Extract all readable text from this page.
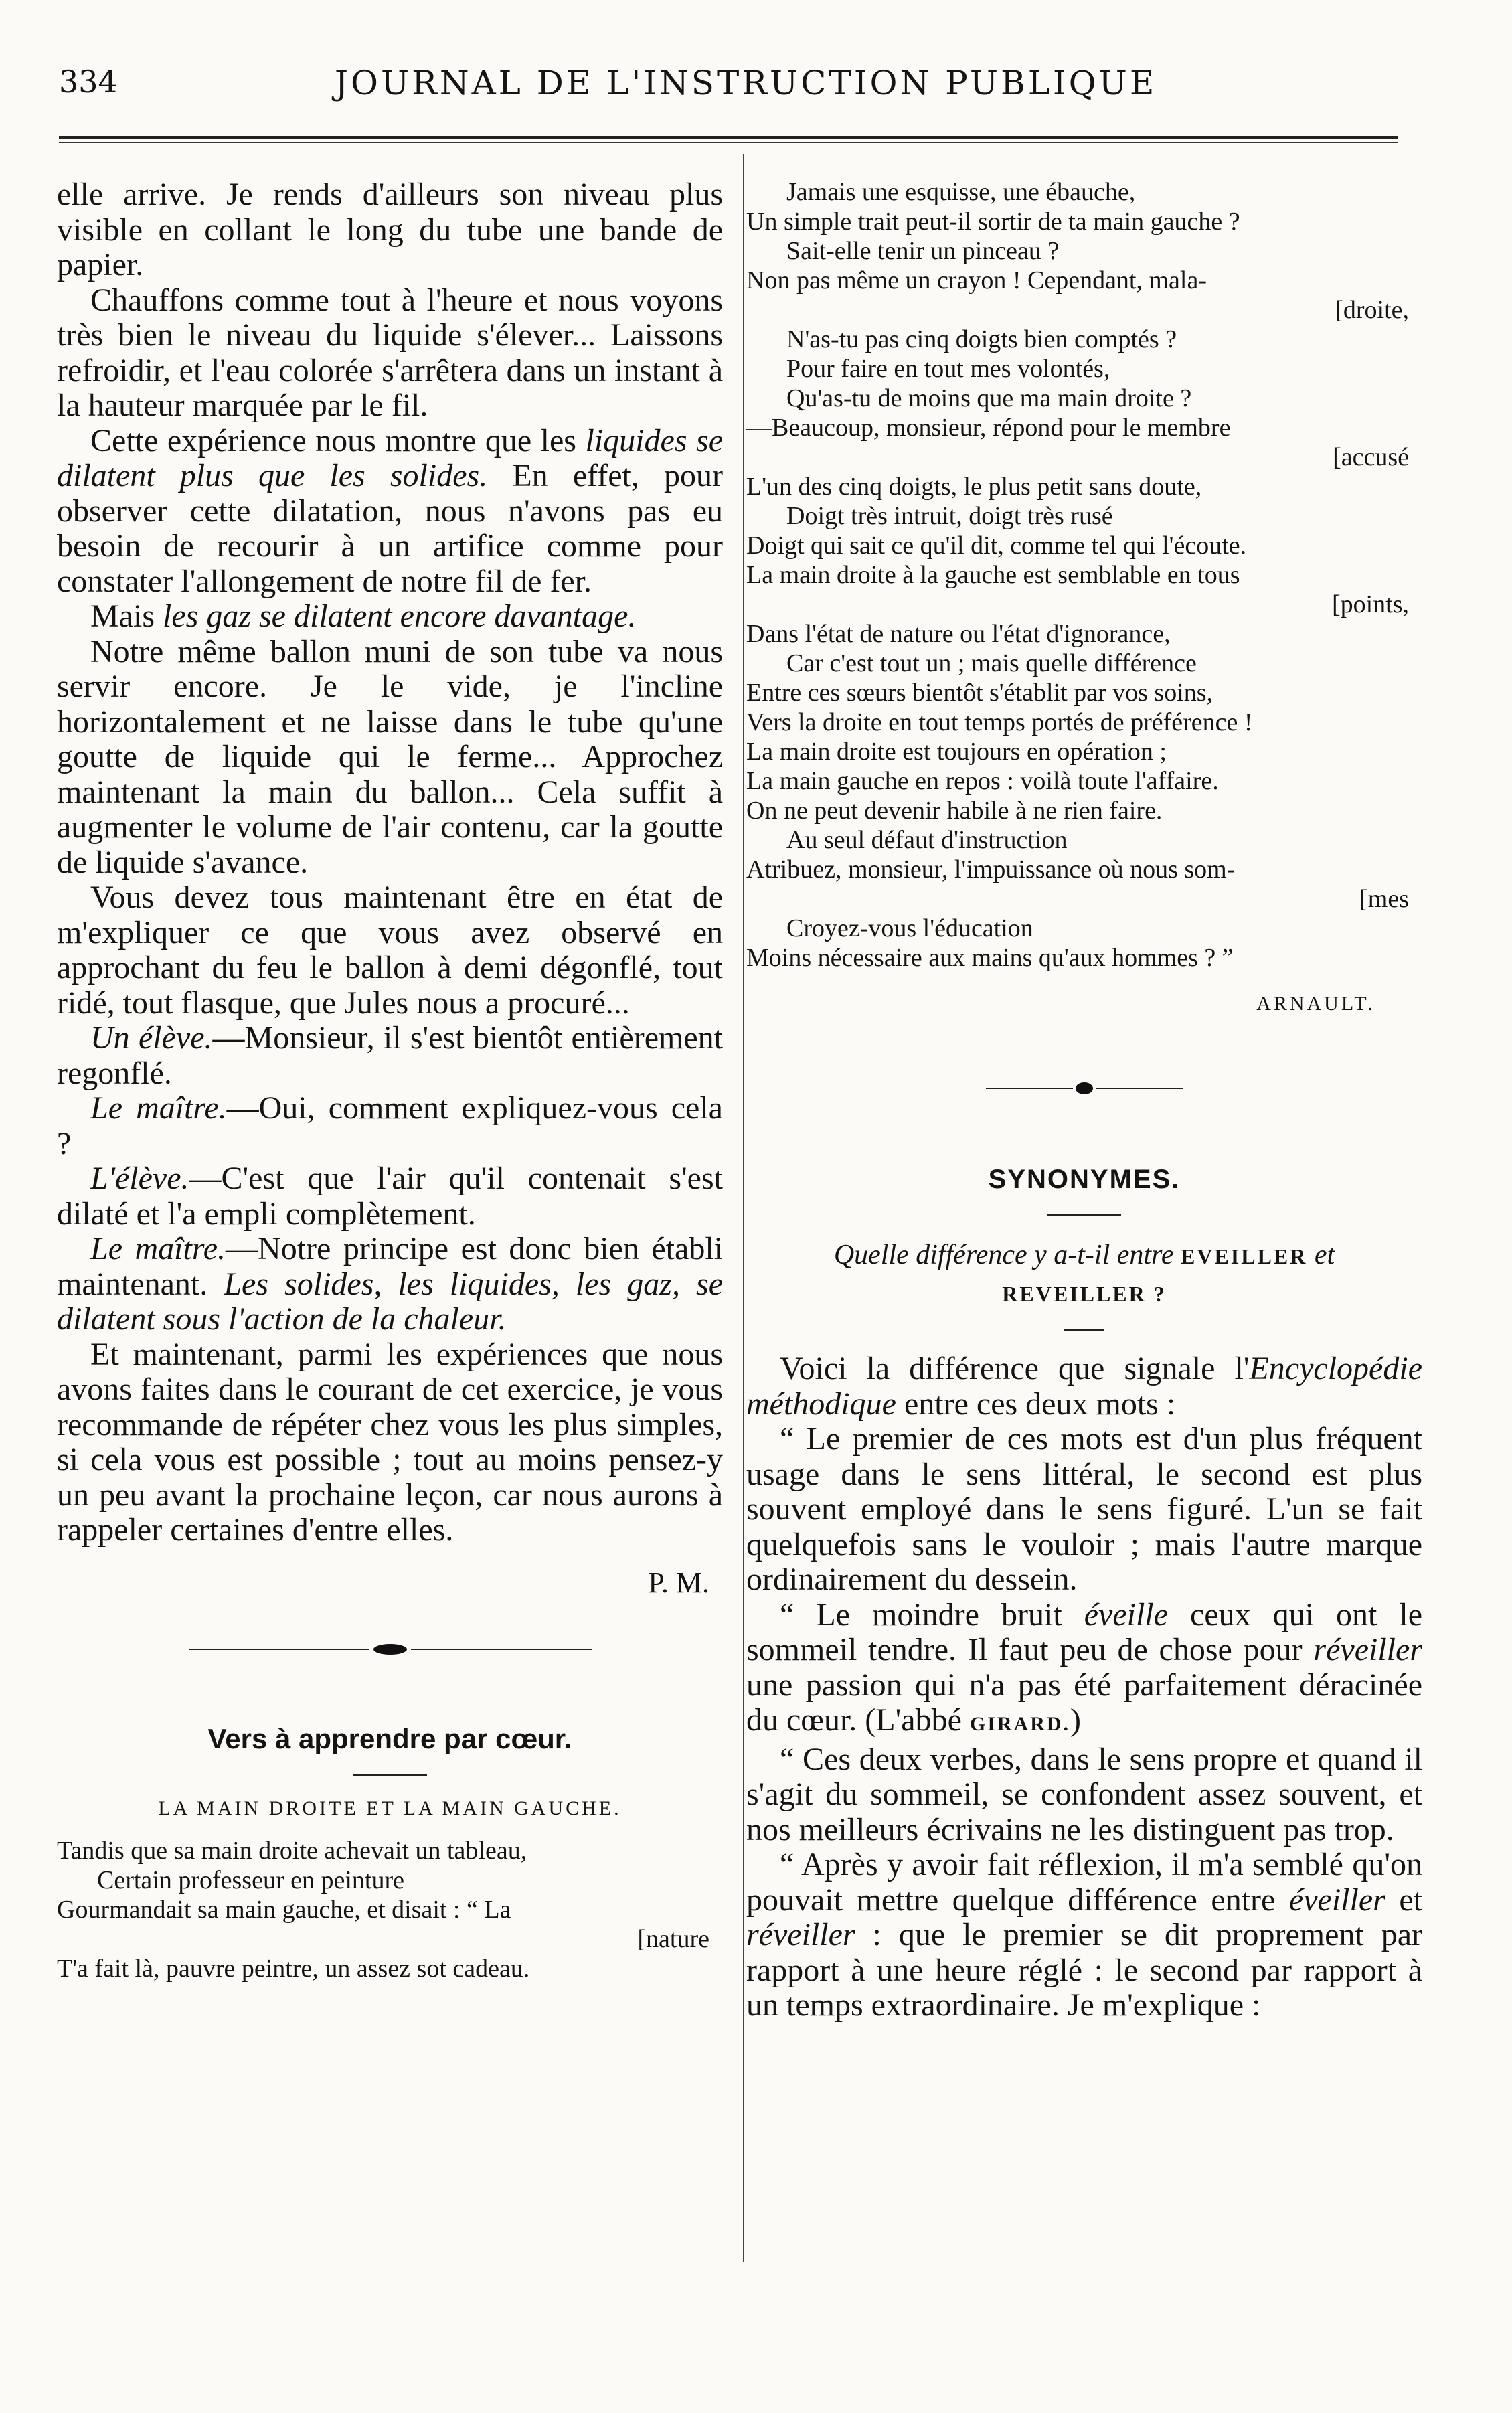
334	JOURNAL DE L'INSTRUCTION PUBLIQUE

elle arrive. Je rends d'ailleurs son niveau plus visible en collant le long du tube une bande de papier.

Chauffons comme tout à l'heure et nous voyons très bien le niveau du liquide s'élever... Laissons refroidir, et l'eau colorée s'arrêtera dans un instant à la hauteur marquée par le fil.

Cette expérience nous montre que les liquides se dilatent plus que les solides. En effet, pour observer cette dilatation, nous n'avons pas eu besoin de recourir à un artifice comme pour constater l'allongement de notre fil de fer.

Mais les gaz se dilatent encore davantage.

Notre même ballon muni de son tube va nous servir encore. Je le vide, je l'incline horizontalement et ne laisse dans le tube qu'une goutte de liquide qui le ferme... Approchez maintenant la main du ballon... Cela suffit à augmenter le volume de l'air contenu, car la goutte de liquide s'avance.

Vous devez tous maintenant être en état de m'expliquer ce que vous avez observé en approchant du feu le ballon à demi dégonflé, tout ridé, tout flasque, que Jules nous a procuré...

Un élève.—Monsieur, il s'est bientôt entièrement regonflé.

Le maître.—Oui, comment expliquez-vous cela ?

L'élève.—C'est que l'air qu'il contenait s'est dilaté et l'a empli complètement.

Le maître.—Notre principe est donc bien établi maintenant. Les solides, les liquides, les gaz, se dilatent sous l'action de la chaleur.

Et maintenant, parmi les expériences que nous avons faites dans le courant de cet exercice, je vous recommande de répéter chez vous les plus simples, si cela vous est possible ; tout au moins pensez-y un peu avant la prochaine leçon, car nous aurons à rappeler certaines d'entre elles.

P. M.

Vers à apprendre par cœur.

LA MAIN DROITE ET LA MAIN GAUCHE.

Tandis que sa main droite achevait un tableau,

Certain professeur en peinture

Gourmandait sa main gauche, et disait : “ La

[nature

T'a fait là, pauvre peintre, un assez sot cadeau.

Jamais une esquisse, une ébauche,

Un simple trait peut-il sortir de ta main gauche ?

Sait-elle tenir un pinceau ?

Non pas même un crayon ! Cependant, mala-

[droite,

N'as-tu pas cinq doigts bien comptés ?

Pour faire en tout mes volontés,

Qu'as-tu de moins que ma main droite ?

—Beaucoup, monsieur, répond pour le membre

[accusé

L'un des cinq doigts, le plus petit sans doute,

Doigt très intruit, doigt très rusé

Doigt qui sait ce qu'il dit, comme tel qui l'écoute.

La main droite à la gauche est semblable en tous

[points,

Dans l'état de nature ou l'état d'ignorance,

Car c'est tout un ; mais quelle différence

Entre ces sœurs bientôt s'établit par vos soins,

Vers la droite en tout temps portés de préférence !

La main droite est toujours en opération ;

La main gauche en repos : voilà toute l'affaire.

On ne peut devenir habile à ne rien faire.

Au seul défaut d'instruction

Atribuez, monsieur, l'impuissance où nous som-

[mes

Croyez-vous l'éducation

Moins nécessaire aux mains qu'aux hommes ? ”

ARNAULT.

SYNONYMES.

Quelle différence y a-t-il entre EVEILLER et
REVEILLER ?

Voici la différence que signale l'Encyclopédie méthodique entre ces deux mots :

“ Le premier de ces mots est d'un plus fréquent usage dans le sens littéral, le second est plus souvent employé dans le sens figuré. L'un se fait quelquefois sans le vouloir ; mais l'autre marque ordinairement du dessein.

“ Le moindre bruit éveille ceux qui ont le sommeil tendre. Il faut peu de chose pour réveiller une passion qui n'a pas été parfaitement déracinée du cœur. (L'abbé GIRARD.)

“ Ces deux verbes, dans le sens propre et quand il s'agit du sommeil, se confondent assez souvent, et nos meilleurs écrivains ne les distinguent pas trop.

“ Après y avoir fait réflexion, il m'a semblé qu'on pouvait mettre quelque différence entre éveiller et réveiller : que le premier se dit proprement par rapport à une heure réglé : le second par rapport à un temps extraordinaire. Je m'explique :
